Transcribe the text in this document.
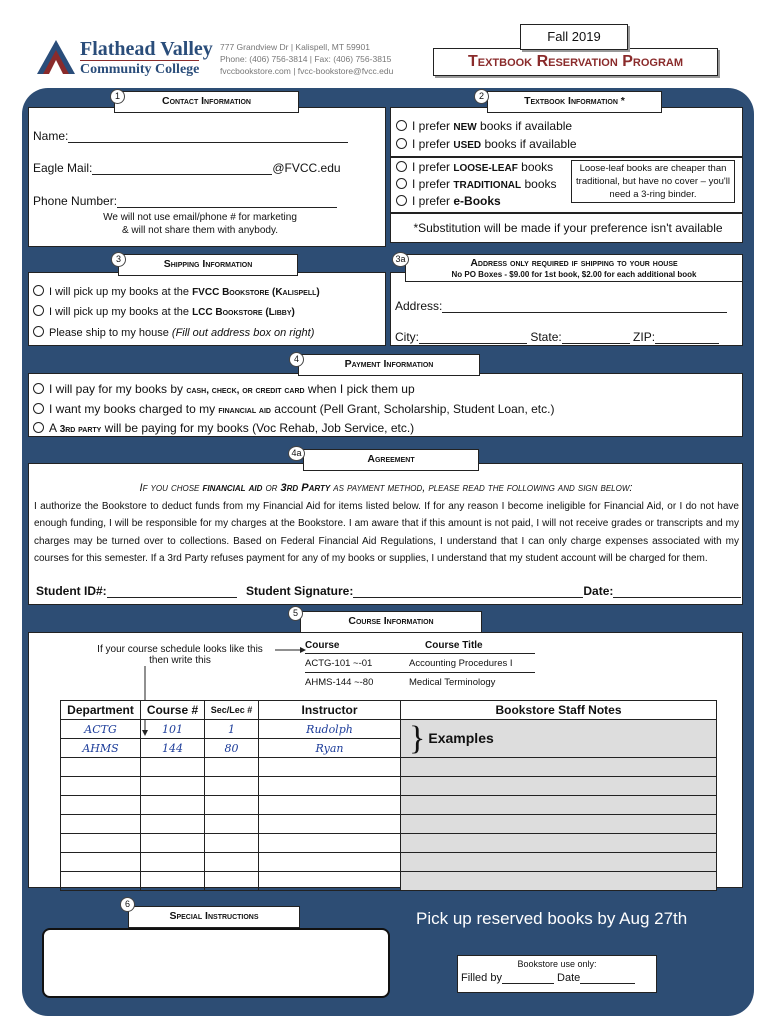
Flathead Valley
Community College
777 Grandview Dr | Kalispell, MT 59901
Phone: (406) 756-3814 | Fax: (406) 756-3815
fvccbookstore.com | fvcc-bookstore@fvcc.edu
Textbook Reservation Program
Fall 2019
Contact Information
1
Name:
Eagle Mail:	@FVCC.edu
Phone Number:
We will not use email/phone # for marketing
& will not share them with anybody.
Textbook Information *
2
I prefer NEW books if available
I prefer USED books if available
I prefer LOOSE-LEAF books
I prefer TRADITIONAL books
I prefer e-Books
Loose-leaf books are cheaper than traditional, but have no cover – you'll need a 3-ring binder.
*Substitution will be made if your preference isn't available
Shipping Information
3
I will pick up my books at the FVCC Bookstore (Kalispell)
I will pick up my books at the LCC Bookstore (Libby)
Please ship to my house (Fill out address box on right)
Address only required if shipping to your house
No PO Boxes - $9.00 for 1st book, $2.00 for each additional book
3a
Address:
City:	State:	ZIP:
Payment Information
4
I will pay for my books by cash, check, or credit card when I pick them up
I want my books charged to my financial aid account (Pell Grant, Scholarship, Student Loan, etc.)
A 3rd party will be paying for my books (Voc Rehab, Job Service, etc.)
Agreement
4a
If you chose financial aid or 3rd Party as payment method, please read the following and sign below:
I authorize the Bookstore to deduct funds from my Financial Aid for items listed below. If for any reason I become ineligible for Financial Aid, or I do not have enough funding, I will be responsible for my charges at the Bookstore. I am aware that if this amount is not paid, I will not receive grades or transcripts and my charges may be turned over to collections. Based on Federal Financial Aid Regulations, I understand that I can only charge expenses associated with my courses for this semester. If a 3rd Party refuses payment for any of my books or supplies, I understand that my student account will be charged for them.
Student ID#:	Student Signature:	Date:
Course Information
5
If your course schedule looks like this
then write this
Course	Course Title
ACTG-101 ~-01	Accounting Procedures I
AHMS-144 ~-80	Medical Terminology
Department	Course #	Sec/Lec #	Instructor	Bookstore Staff Notes
ACTG	101	1	Rudolph	} Examples
AHMS	144	80	Ryan	

Special Instructions
6
Pick up reserved books by Aug 27th
Bookstore use only:
Filled by	Date
